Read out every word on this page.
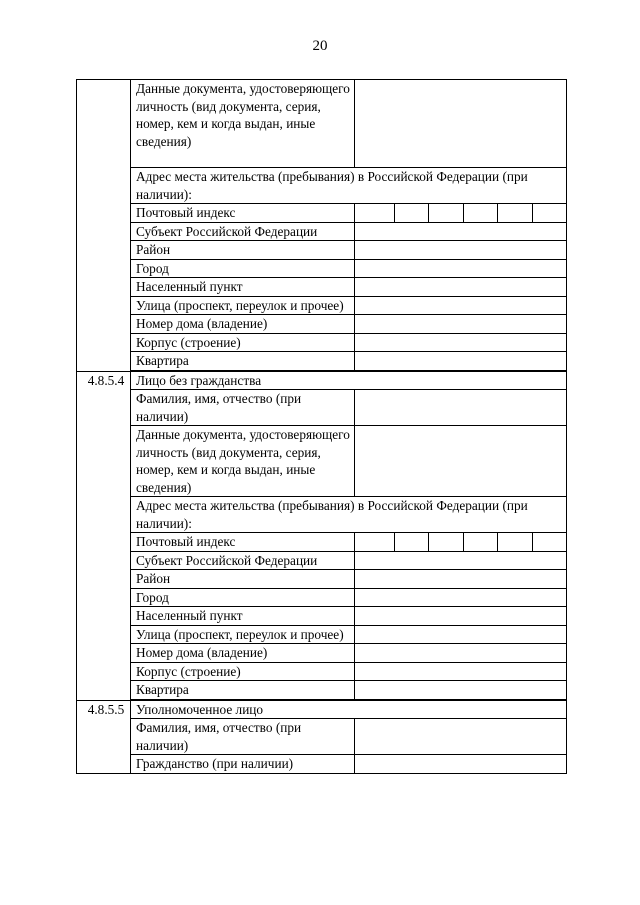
20
	Данные документа, удостоверяющего личность (вид документа, серия, номер, кем и когда выдан, иные сведения)	
	Адрес места жительства (пребывания) в Российской Федерации (при наличии):	
	Почтовый индекс	

	Субъект Российской Федерации	
	Район	
	Город	
	Населенный пункт	
	Улица (проспект, переулок и прочее)	
	Номер дома (владение)	
	Корпус (строение)	
	Квартира	

4.8.5.4	Лицо без гражданства	
	Фамилия, имя, отчество (при наличии)	
	Данные документа, удостоверяющего личность (вид документа, серия, номер, кем и когда выдан, иные сведения)	
	Адрес места жительства (пребывания) в Российской Федерации (при наличии):	
	Почтовый индекс	

	Субъект Российской Федерации	
	Район	
	Город	
	Населенный пункт	
	Улица (проспект, переулок и прочее)	
	Номер дома (владение)	
	Корпус (строение)	
	Квартира	

4.8.5.5	Уполномоченное лицо	
	Фамилия, имя, отчество (при наличии)	
	Гражданство (при наличии)	
